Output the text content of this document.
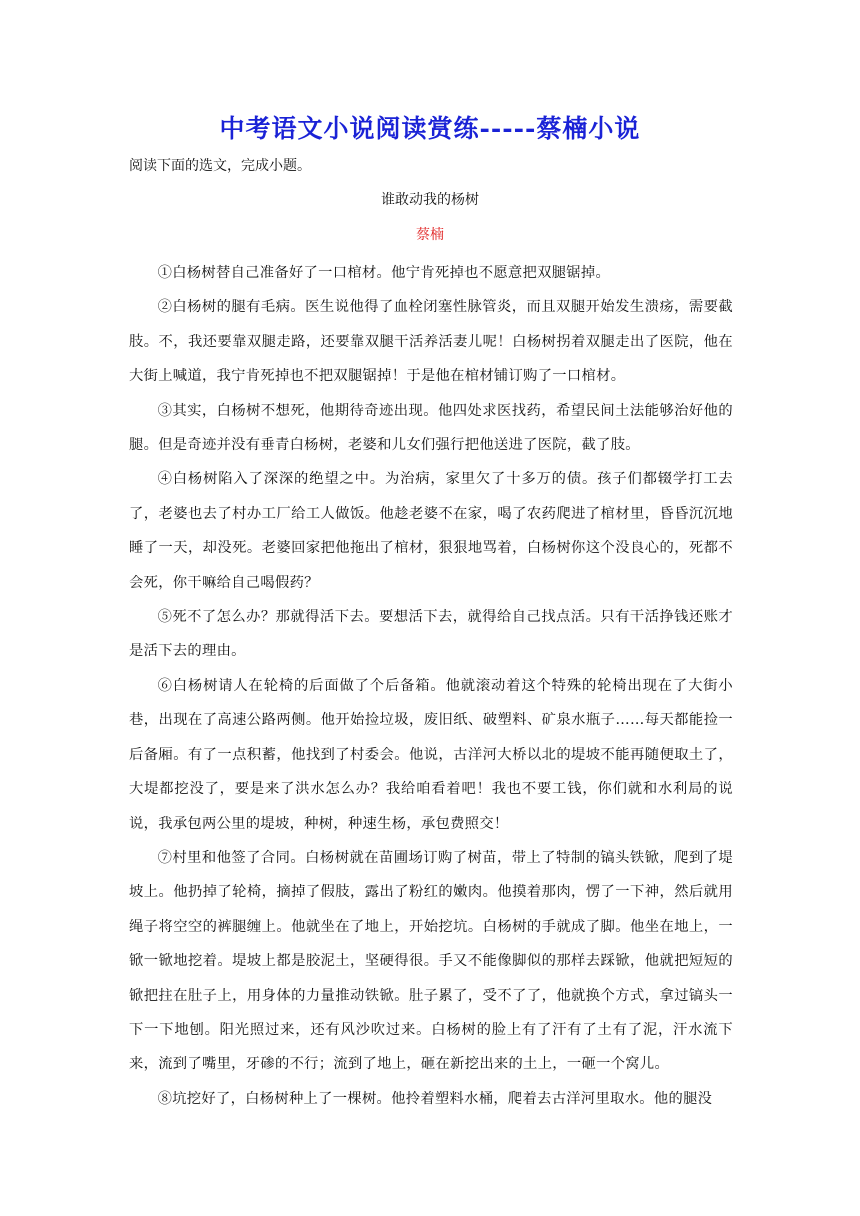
中考语文小说阅读赏练-----蔡楠小说

阅读下面的选文，完成小题。

谁敢动我的杨树

蔡楠

①白杨树替自己准备好了一口棺材。他宁肯死掉也不愿意把双腿锯掉。

②白杨树的腿有毛病。医生说他得了血栓闭塞性脉管炎，而且双腿开始发生溃疡，需要截肢。不，我还要靠双腿走路，还要靠双腿干活养活妻儿呢！白杨树拐着双腿走出了医院，他在大街上喊道，我宁肯死掉也不把双腿锯掉！于是他在棺材铺订购了一口棺材。

③其实，白杨树不想死，他期待奇迹出现。他四处求医找药，希望民间土法能够治好他的腿。但是奇迹并没有垂青白杨树，老婆和儿女们强行把他送进了医院，截了肢。

④白杨树陷入了深深的绝望之中。为治病，家里欠了十多万的债。孩子们都辍学打工去了，老婆也去了村办工厂给工人做饭。他趁老婆不在家，喝了农药爬进了棺材里，昏昏沉沉地睡了一天，却没死。老婆回家把他拖出了棺材，狠狠地骂着，白杨树你这个没良心的，死都不会死，你干嘛给自己喝假药？

⑤死不了怎么办？那就得活下去。要想活下去，就得给自己找点活。只有干活挣钱还账才是活下去的理由。

⑥白杨树请人在轮椅的后面做了个后备箱。他就滚动着这个特殊的轮椅出现在了大街小巷，出现在了高速公路两侧。他开始捡垃圾，废旧纸、破塑料、矿泉水瓶子……每天都能捡一后备厢。有了一点积蓄，他找到了村委会。他说，古洋河大桥以北的堤坡不能再随便取土了，大堤都挖没了，要是来了洪水怎么办？我给咱看着吧！我也不要工钱，你们就和水利局的说说，我承包两公里的堤坡，种树，种速生杨，承包费照交！

⑦村里和他签了合同。白杨树就在苗圃场订购了树苗，带上了特制的镐头铁锨，爬到了堤坡上。他扔掉了轮椅，摘掉了假肢，露出了粉红的嫩肉。他摸着那肉，愣了一下神，然后就用绳子将空空的裤腿缠上。他就坐在了地上，开始挖坑。白杨树的手就成了脚。他坐在地上，一锨一锨地挖着。堤坡上都是胶泥土，坚硬得很。手又不能像脚似的那样去踩锨，他就把短短的锨把拄在肚子上，用身体的力量推动铁锨。肚子累了，受不了了，他就换个方式，拿过镐头一下一下地刨。阳光照过来，还有风沙吹过来。白杨树的脸上有了汗有了土有了泥，汗水流下来，流到了嘴里，牙碜的不行；流到了地上，砸在新挖出来的土上，一砸一个窝儿。

⑧坑挖好了，白杨树种上了一棵树。他拎着塑料水桶，爬着去古洋河里取水。他的腿没
